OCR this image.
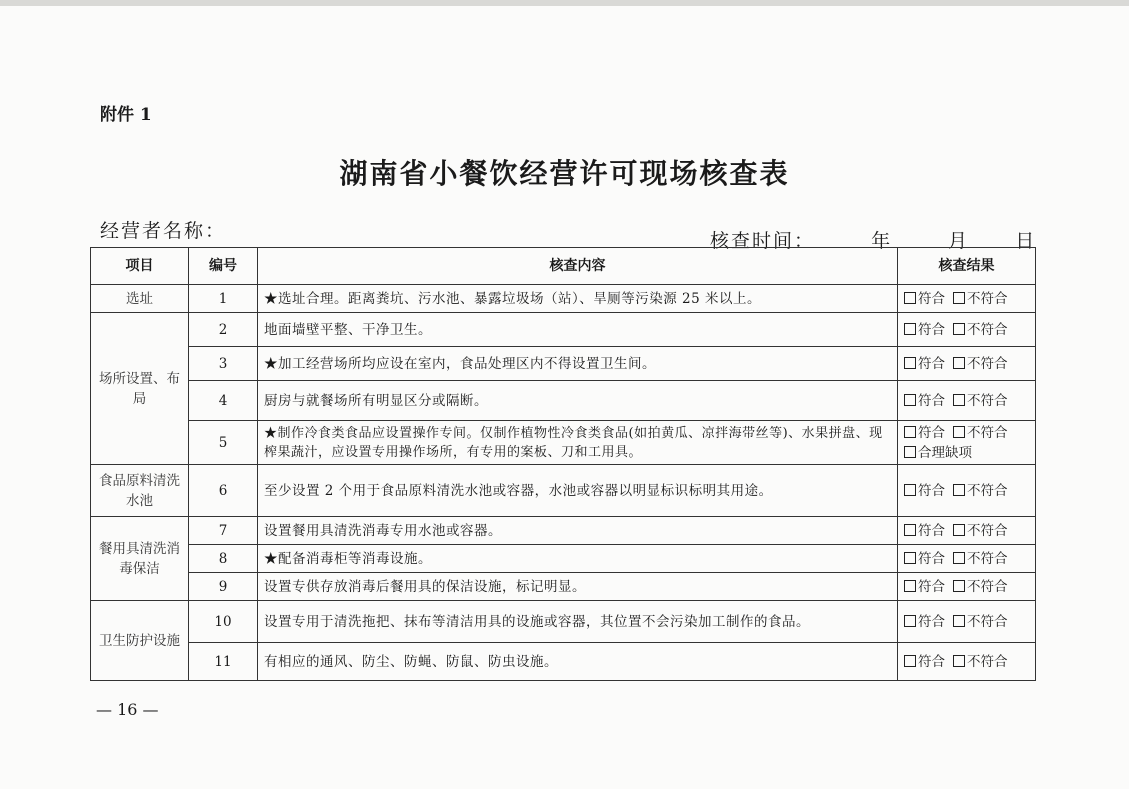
附件 1
湖南省小餐饮经营许可现场核查表
经营者名称：	核查时间：	年	月 日
项目	编号	核查内容	核查结果
选址	1	★选址合理。距离粪坑、污水池、暴露垃圾场（站）、旱厕等污染源 25 米以上。	符合 不符合
场所设置、布局	2	地面墙壁平整、干净卫生。	符合 不符合
	3	★加工经营场所均应设在室内，食品处理区内不得设置卫生间。	符合 不符合
	4	厨房与就餐场所有明显区分或隔断。	符合 不符合
	5	★制作冷食类食品应设置操作专间。仅制作植物性冷食类食品(如拍黄瓜、凉拌海带丝等)、水果拼盘、现榨果蔬汁，应设置专用操作场所，有专用的案板、刀和工用具。	符合 不符合
合理缺项

食品原料清洗水池	6	至少设置 2 个用于食品原料清洗水池或容器，水池或容器以明显标识标明其用途。	符合 不符合
餐用具清洗消毒保洁	7	设置餐用具清洗消毒专用水池或容器。	符合 不符合
	8	★配备消毒柜等消毒设施。	符合 不符合
	9	设置专供存放消毒后餐用具的保洁设施，标记明显。	符合 不符合
卫生防护设施	10	设置专用于清洗拖把、抹布等清洁用具的设施或容器，其位置不会污染加工制作的食品。	符合 不符合
	11	有相应的通风、防尘、防蝇、防鼠、防虫设施。	符合 不符合
— 16 —
